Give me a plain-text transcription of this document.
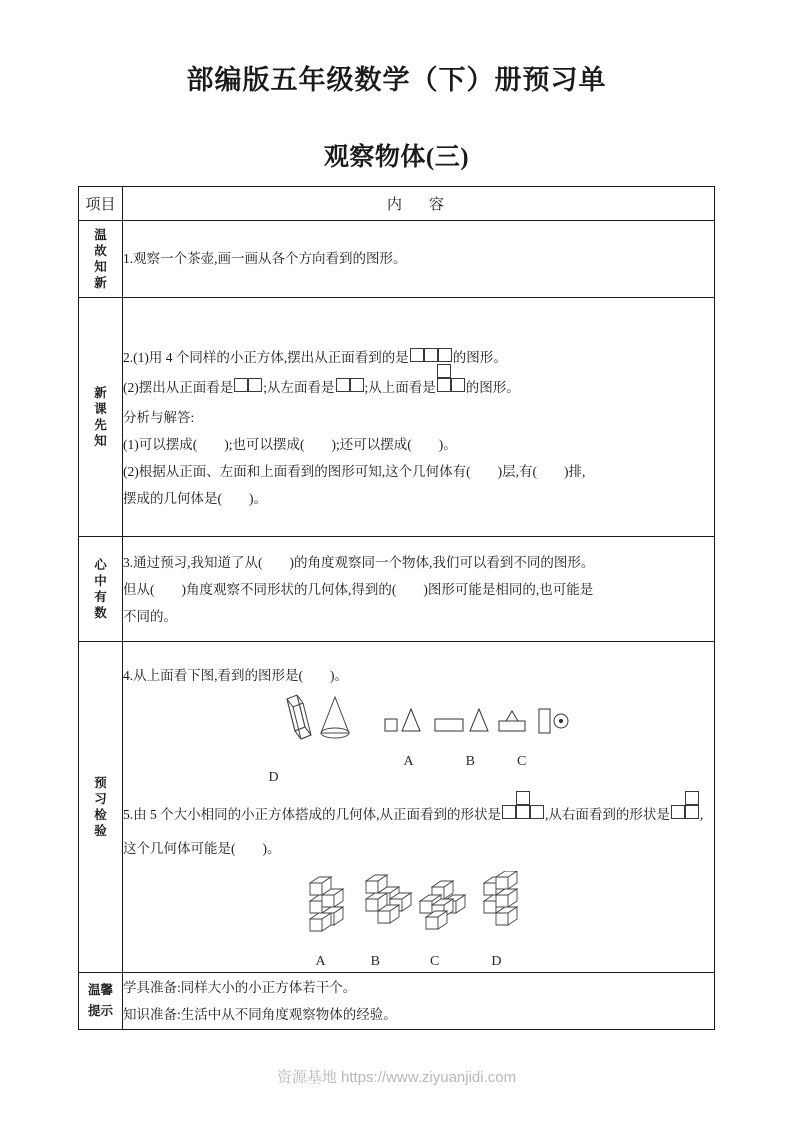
部编版五年级数学（下）册预习单
观察物体(三)
项目	内　容

温故知新	1.观察一个茶壶,画一画从各个方向看到的图形。

新课先知	
2.(1)用 4 个同样的小正方体,摆出从正面看到的是	的图形。
(2)摆出从正面看是 ;从左面看是 ;从上面看是 的图形。
分析与解答:
(1)可以摆成(　　);也可以摆成(　　);还可以摆成(　　)。
(2)根据从正面、左面和上面看到的图形可知,这个几何体有(　　)层,有(　　)排,
摆成的几何体是(　　)。

心中有数	3.通过预习,我知道了从(　　)的角度观察同一个物体,我们可以看到不同的图形。
但从(　　)角度观察不同形状的几何体,得到的(　　)图形可能是相同的,也可能是
不同的。

预习检验	
4.从上面看下图,看到的图形是(　　)。
A	B	CD
5.由 5 个大小相同的小正方体搭成的几何体,从正面看到的形状是	,从右面看到的形状是 ,这个几何体可能是(　　)。
A	B	C	D

温馨提示	学具准备:同样大小的小正方体若干个。
知识准备:生活中从不同角度观察物体的经验。
资源基地 https://www.ziyuanjidi.com
